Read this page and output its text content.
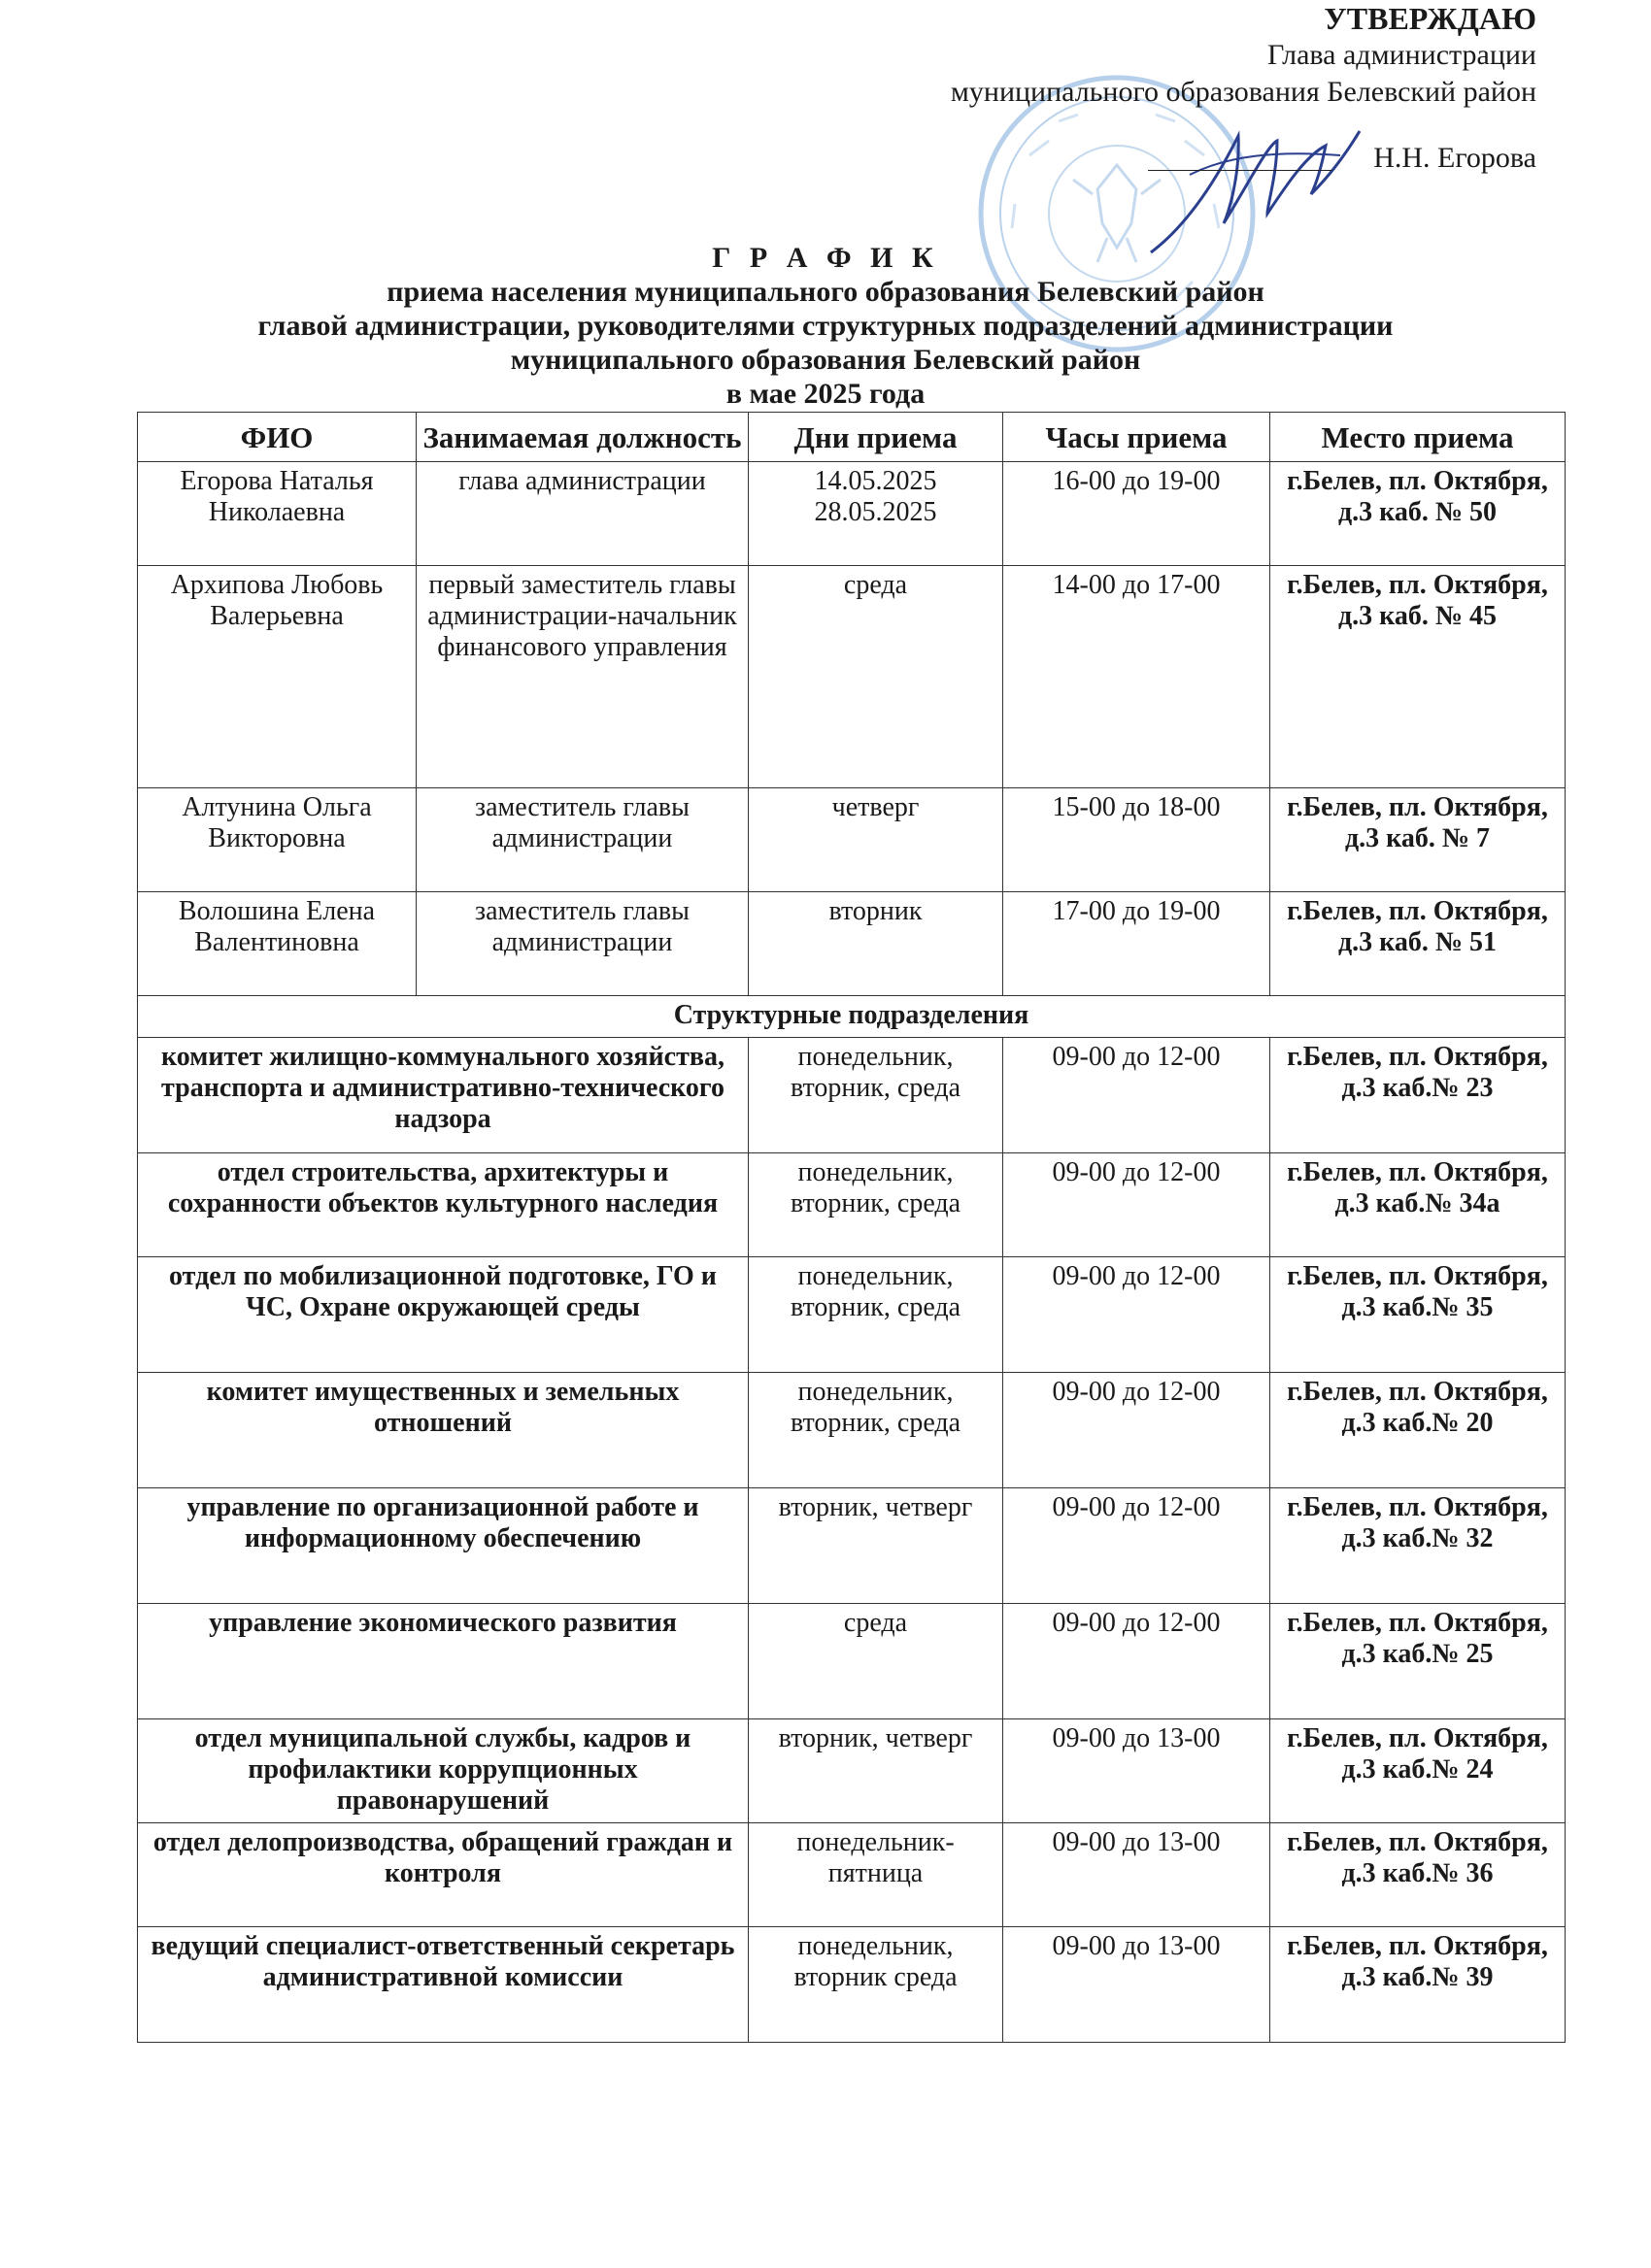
УТВЕРЖДАЮ
Глава администрации
муниципального образования Белевский район
Н.Н. Егорова
Г Р А Ф И К
приема населения муниципального образования Белевский район
главой администрации, руководителями структурных подразделений администрации
муниципального образования Белевский район
в мае 2025 года
ФИО	Занимаемая должность	Дни приема	Часы приема	Место приема
Егорова Наталья Николаевна	глава администрации	14.05.2025 28.05.2025	16-00 до 19-00	г.Белев, пл. Октября, д.3 каб. № 50
Архипова Любовь Валерьевна	первый заместитель главы администрации-начальник финансового управления	среда	14-00 до 17-00	г.Белев, пл. Октября, д.3 каб. № 45
Алтунина Ольга Викторовна	заместитель главы администрации	четверг	15-00 до 18-00	г.Белев, пл. Октября, д.3 каб. № 7
Волошина Елена Валентиновна	заместитель главы администрации	вторник	17-00 до 19-00	г.Белев, пл. Октября, д.3 каб. № 51
Структурные подразделения				
комитет жилищно-коммунального хозяйства, транспорта и административно-технического надзора		понедельник, вторник, среда	09-00 до 12-00	г.Белев, пл. Октября, д.3 каб.№ 23
отдел строительства, архитектуры и сохранности объектов культурного наследия		понедельник, вторник, среда	09-00 до 12-00	г.Белев, пл. Октября, д.3 каб.№ 34а
отдел по мобилизационной подготовке, ГО и ЧС, Охране окружающей среды		понедельник, вторник, среда	09-00 до 12-00	г.Белев, пл. Октября, д.3 каб.№ 35
комитет имущественных и земельных отношений		понедельник, вторник, среда	09-00 до 12-00	г.Белев, пл. Октября, д.3 каб.№ 20
управление по организационной работе и информационному обеспечению		вторник, четверг	09-00 до 12-00	г.Белев, пл. Октября, д.3 каб.№ 32
управление экономического развития		среда	09-00 до 12-00	г.Белев, пл. Октября, д.3 каб.№ 25
отдел муниципальной службы, кадров и профилактики коррупционных правонарушений		вторник, четверг	09-00 до 13-00	г.Белев, пл. Октября, д.3 каб.№ 24
отдел делопроизводства, обращений граждан и контроля		понедельник-пятница	09-00 до 13-00	г.Белев, пл. Октября, д.3 каб.№ 36
ведущий специалист-ответственный секретарь административной комиссии		понедельник, вторник среда	09-00 до 13-00	г.Белев, пл. Октября, д.3 каб.№ 39
